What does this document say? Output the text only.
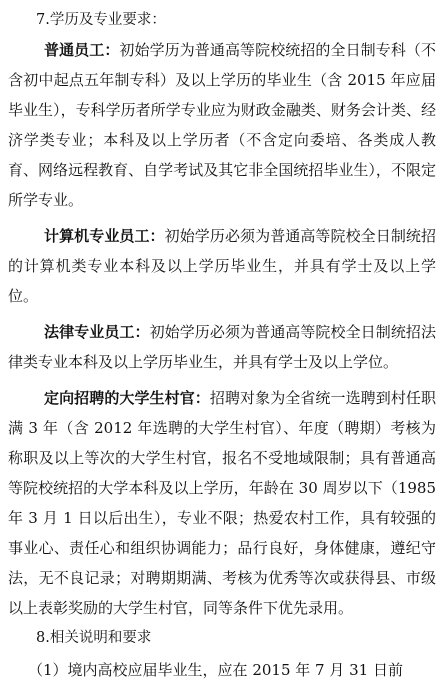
7.学历及专业要求：

普通员工：初始学历为普通高等院校统招的全日制专科（不含初中起点五年制专科）及以上学历的毕业生（含 2015 年应届毕业生），专科学历者所学专业应为财政金融类、财务会计类、经济学类专业；本科及以上学历者（不含定向委培、各类成人教育、网络远程教育、自学考试及其它非全国统招毕业生），不限定所学专业。

计算机专业员工：初始学历必须为普通高等院校全日制统招的计算机类专业本科及以上学历毕业生，并具有学士及以上学位。

法律专业员工：初始学历必须为普通高等院校全日制统招法律类专业本科及以上学历毕业生，并具有学士及以上学位。

定向招聘的大学生村官：招聘对象为全省统一选聘到村任职满 3 年（含 2012 年选聘的大学生村官）、年度（聘期）考核为称职及以上等次的大学生村官，报名不受地域限制；具有普通高等院校统招的大学本科及以上学历，年龄在 30 周岁以下（1985 年 3 月 1 日以后出生），专业不限；热爱农村工作，具有较强的事业心、责任心和组织协调能力；品行良好，身体健康，遵纪守法，无不良记录；对聘期期满、考核为优秀等次或获得县、市级以上表彰奖励的大学生村官，同等条件下优先录用。

8.相关说明和要求
（1）境内高校应届毕业生，应在 2015 年 7 月 31 日前
